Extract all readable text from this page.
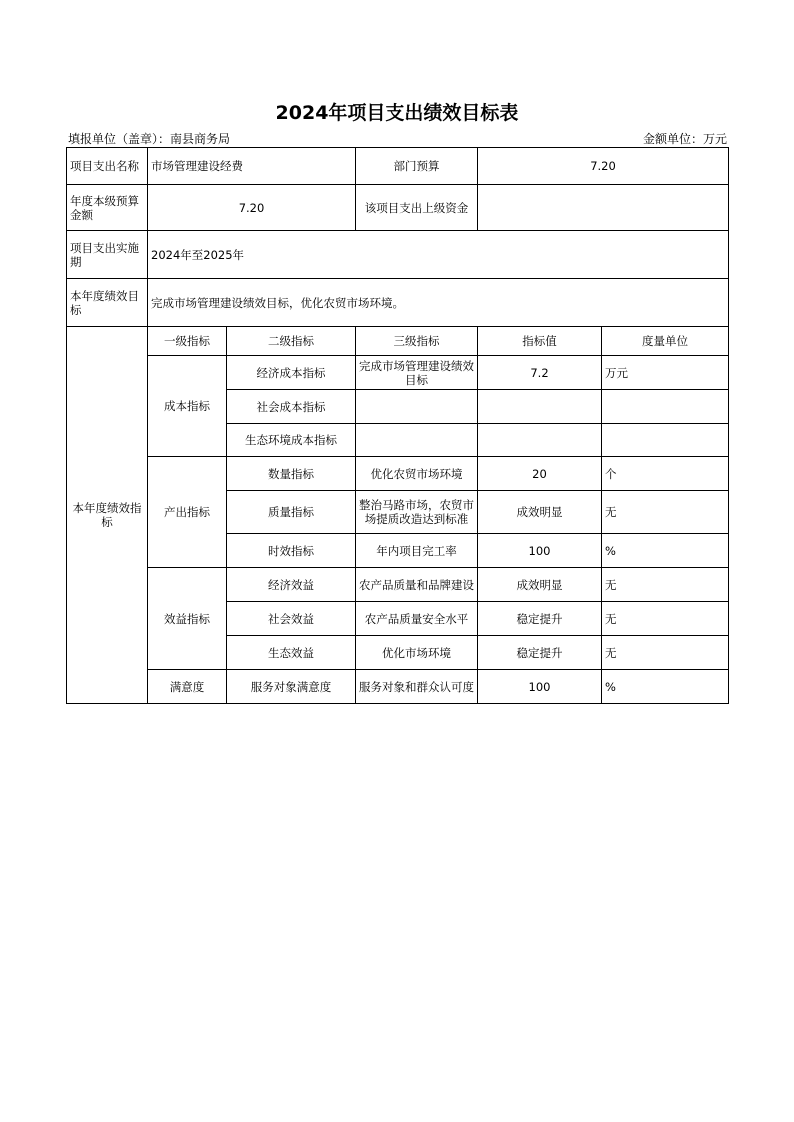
2024年项目支出绩效目标表
填报单位（盖章）：南县商务局	金额单位：万元
项目支出名称	市场管理建设经费		部门预算	7.20	
年度本级预算金额	7.20		该项目支出上级资金		
项目支出实施期	2024年至2025年				
本年度绩效目标	完成市场管理建设绩效目标，优化农贸市场环境。				
本年度绩效指标	一级指标	二级指标	三级指标	指标值	度量单位
	成本指标	经济成本指标	完成市场管理建设绩效目标	7.2	万元
		社会成本指标			
		生态环境成本指标			
	产出指标	数量指标	优化农贸市场环境	20	个
		质量指标	整治马路市场，农贸市场提质改造达到标准	成效明显	无
		时效指标	年内项目完工率	100	%
	效益指标	经济效益	农产品质量和品牌建设	成效明显	无
		社会效益	农产品质量安全水平	稳定提升	无
		生态效益	优化市场环境	稳定提升	无
	满意度	服务对象满意度	服务对象和群众认可度	100	%
